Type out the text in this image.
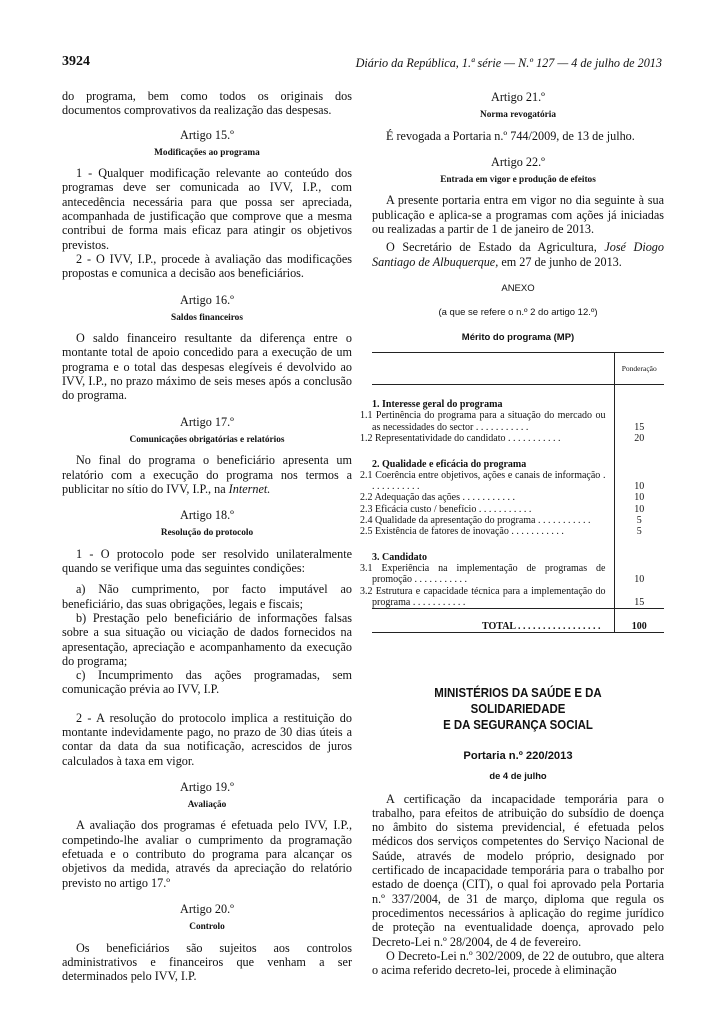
3924	Diário da República, 1.ª série — N.º 127 — 4 de julho de 2013

do programa, bem como todos os originais dos documentos comprovativos da realização das despesas.

Artigo 15.º
Modificações ao programa

1 - Qualquer modificação relevante ao conteúdo dos programas deve ser comunicada ao IVV, I.P., com antecedência necessária para que possa ser apreciada, acompanhada de justificação que comprove que a mesma contribui de forma mais eficaz para atingir os objetivos previstos.

2 - O IVV, I.P., procede à avaliação das modificações propostas e comunica a decisão aos beneficiários.

Artigo 16.º
Saldos financeiros

O saldo financeiro resultante da diferença entre o montante total de apoio concedido para a execução de um programa e o total das despesas elegíveis é devolvido ao IVV, I.P., no prazo máximo de seis meses após a conclusão do programa.

Artigo 17.º
Comunicações obrigatórias e relatórios

No final do programa o beneficiário apresenta um relatório com a execução do programa nos termos a publicitar no sítio do IVV, I.P., na Internet.

Artigo 18.º
Resolução do protocolo

1 - O protocolo pode ser resolvido unilateralmente quando se verifique uma das seguintes condições:

a) Não cumprimento, por facto imputável ao beneficiário, das suas obrigações, legais e fiscais;

b) Prestação pelo beneficiário de informações falsas sobre a sua situação ou viciação de dados fornecidos na apresentação, apreciação e acompanhamento da execução do programa;

c) Incumprimento das ações programadas, sem comunicação prévia ao IVV, I.P.

2 - A resolução do protocolo implica a restituição do montante indevidamente pago, no prazo de 30 dias úteis a contar da data da sua notificação, acrescidos de juros calculados à taxa em vigor.

Artigo 19.º
Avaliação

A avaliação dos programas é efetuada pelo IVV, I.P., competindo-lhe avaliar o cumprimento da programação efetuada e o contributo do programa para alcançar os objetivos da medida, através da apreciação do relatório previsto no artigo 17.º

Artigo 20.º
Controlo

Os beneficiários são sujeitos aos controlos administrativos e financeiros que venham a ser determinados pelo IVV, I.P.

Artigo 21.º
Norma revogatória

É revogada a Portaria n.º 744/2009, de 13 de julho.

Artigo 22.º
Entrada em vigor e produção de efeitos

A presente portaria entra em vigor no dia seguinte à sua publicação e aplica-se a programas com ações já iniciadas ou realizadas a partir de 1 de janeiro de 2013.

O Secretário de Estado da Agricultura, José Diogo Santiago de Albuquerque, em 27 de junho de 2013.

ANEXO
(a que se refere o n.º 2 do artigo 12.º)
Mérito do programa (MP)
	Ponderação
1. Interesse geral do programa	
1.1 Pertinência do programa para a situação do mercado ou as necessidades do sector . . . . . . . . . . .	15
1.2 Representatividade do candidato . . . . . . . . . . .	20
2. Qualidade e eficácia do programa	
2.1 Coerência entre objetivos, ações e canais de informação . . . . . . . . . . .	10
2.2 Adequação das ações . . . . . . . . . . .	10
2.3 Eficácia custo / benefício . . . . . . . . . . .	10
2.4 Qualidade da apresentação do programa . . . . . . . . . . .	5
2.5 Existência de fatores de inovação . . . . . . . . . . .	5
3. Candidato	
3.1 Experiência na implementação de programas de promoção . . . . . . . . . . .	10
3.2 Estrutura e capacidade técnica para a implementação do programa . . . . . . . . . . .	15
TOTAL . . . . . . . . . . . . . . . . .	100
MINISTÉRIOS DA SAÚDE E DA SOLIDARIEDADE
E DA SEGURANÇA SOCIAL
Portaria n.º 220/2013
de 4 de julho

A certificação da incapacidade temporária para o trabalho, para efeitos de atribuição do subsídio de doença no âmbito do sistema previdencial, é efetuada pelos médicos dos serviços competentes do Serviço Nacional de Saúde, através de modelo próprio, designado por certificado de incapacidade temporária para o trabalho por estado de doença (CIT), o qual foi aprovado pela Portaria n.º 337/2004, de 31 de março, diploma que regula os procedimentos necessários à aplicação do regime jurídico de proteção na eventualidade doença, aprovado pelo Decreto-Lei n.º 28/2004, de 4 de fevereiro.

O Decreto-Lei n.º 302/2009, de 22 de outubro, que altera o acima referido decreto-lei, procede à eliminação
